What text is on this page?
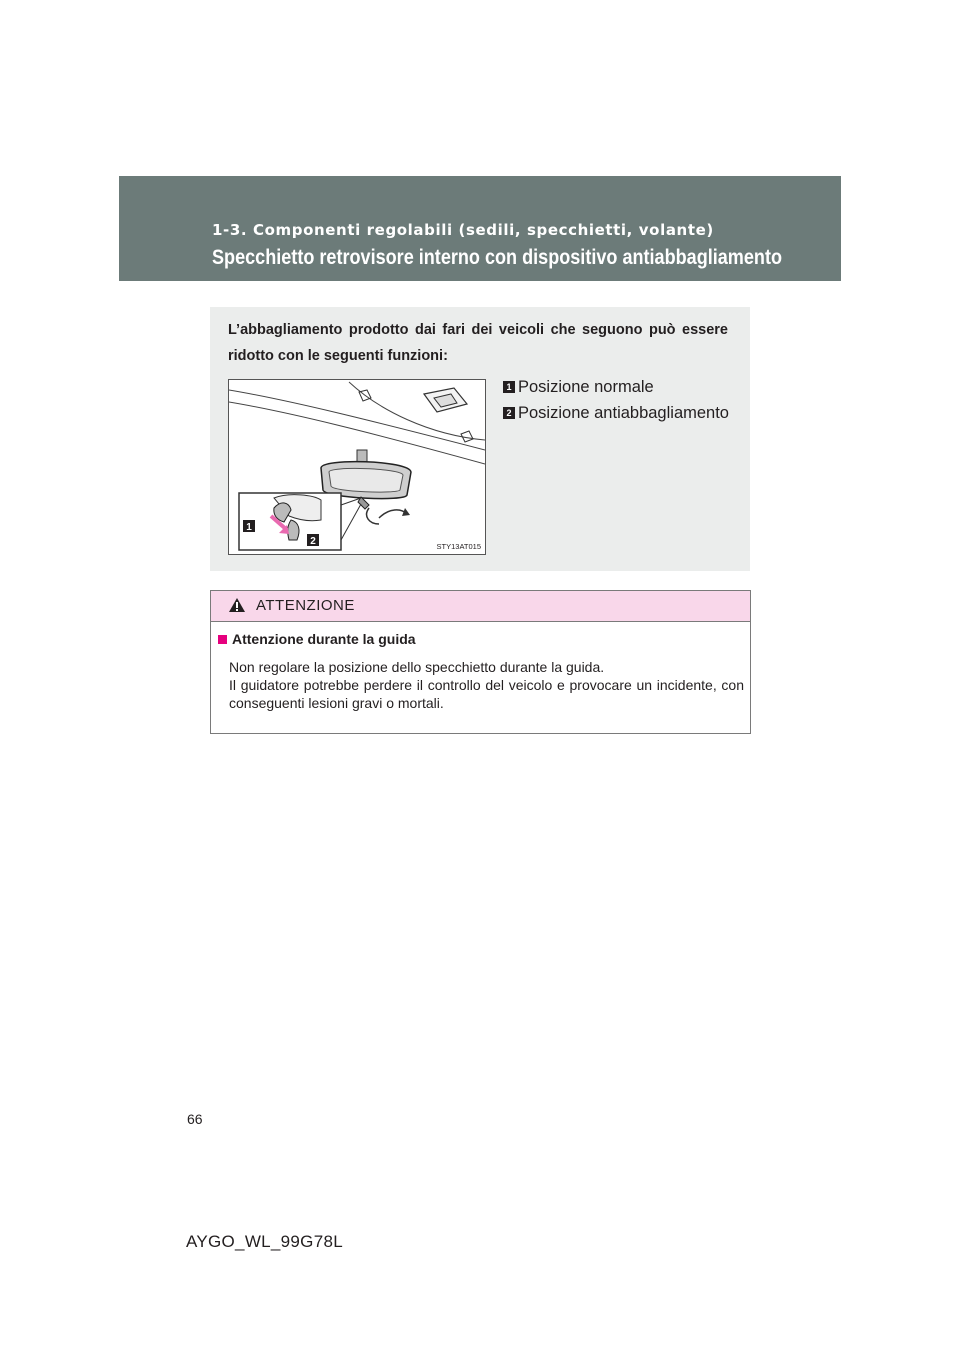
1-3. Componenti regolabili (sedili, specchietti, volante)
Specchietto retrovisore interno con dispositivo antiabbagliamento
L’abbagliamento prodotto dai fari dei veicoli che seguono può essere ridotto con le seguenti funzioni:
1
2	STY13AT015
1 Posizione normale
2 Posizione antiabbagliamento
ATTENZIONE
Attenzione durante la guida

Non regolare la posizione dello specchietto durante la guida.

Il guidatore potrebbe perdere il controllo del veicolo e provocare un incidente, con conseguenti lesioni gravi o mortali.

66
AYGO_WL_99G78L
